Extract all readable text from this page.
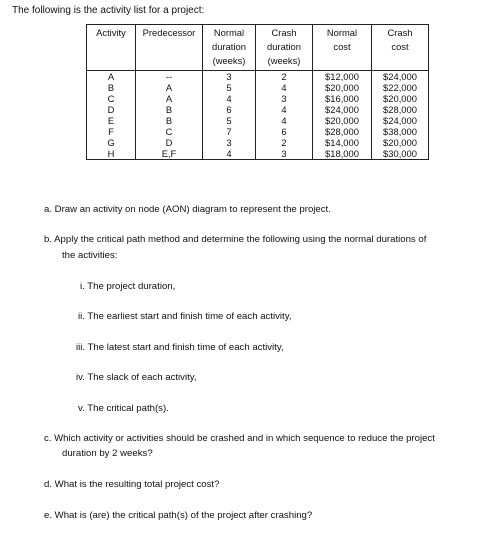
The following is the activity list for a project:
Activity	Predecessor	Normal
duration
(weeks)	Crash
duration
(weeks)	Normal
cost	Crash
cost

A	--	3	2	$12,000	$24,000
B	A	5	4	$20,000	$22,000
C	A	4	3	$16,000	$20,000
D	B	6	4	$24,000	$28,000
E	B	5	4	$20,000	$24,000
F	C	7	6	$28,000	$38,000
G	D	3	2	$14,000	$20,000
H	E,F	4	3	$18,000	$30,000
a. Draw an activity on node (AON) diagram to represent the project.
b. Apply the critical path method and determine the following using the normal durations of
the activities:
i. The project duration,
ii. The earliest start and finish time of each activity,
iii. The latest start and finish time of each activity,
iv. The slack of each activity,
v. The critical path(s).
c. Which activity or activities should be crashed and in which sequence to reduce the project
duration by 2 weeks?
d. What is the resulting total project cost?
e. What is (are) the critical path(s) of the project after crashing?
